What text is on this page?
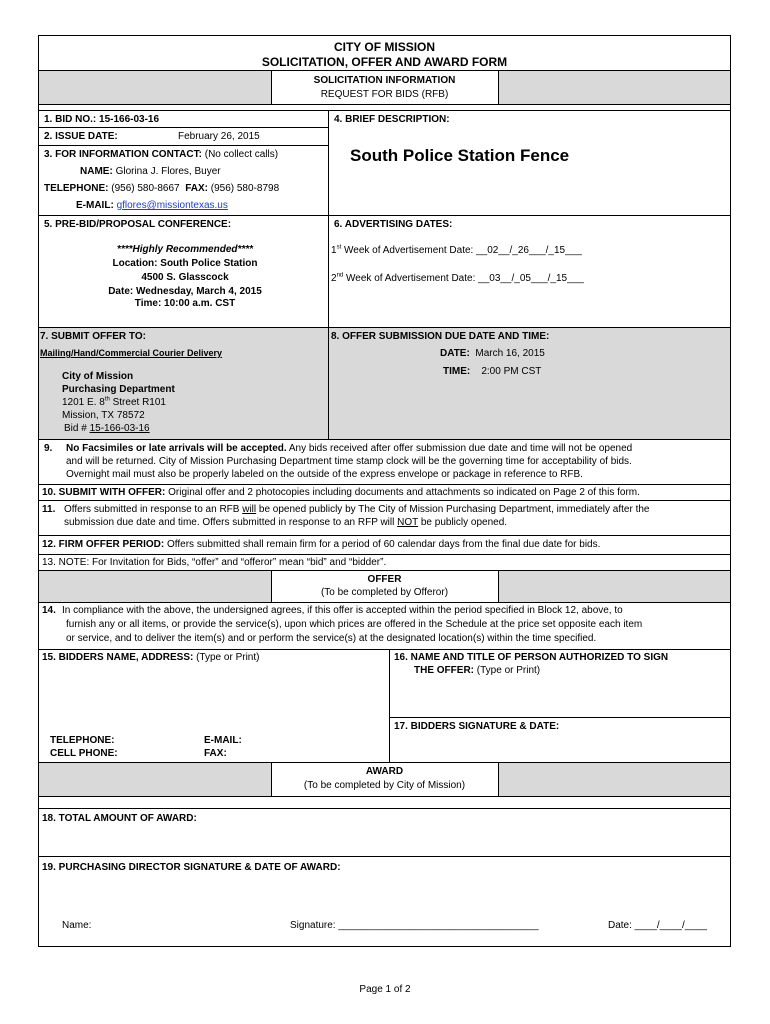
CITY OF MISSION
SOLICITATION, OFFER AND AWARD FORM
SOLICITATION INFORMATION
REQUEST FOR BIDS (RFB)
1. BID NO.: 15-166-03-16
2. ISSUE DATE:	February 26, 2015
3. FOR INFORMATION CONTACT: (No collect calls)
NAME: Glorina J. Flores, Buyer
TELEPHONE: (956) 580-8667 FAX: (956) 580-8798
E-MAIL: gflores@missiontexas.us
4. BRIEF DESCRIPTION:
South Police Station Fence
5. PRE-BID/PROPOSAL CONFERENCE:
****Highly Recommended****
Location: South Police Station
4500 S. Glasscock
Date: Wednesday, March 4, 2015
Time: 10:00 a.m. CST
6. ADVERTISING DATES:
1st Week of Advertisement Date: __02__/_26___/_15___
2nd Week of Advertisement Date: __03__/_05___/_15___
7. SUBMIT OFFER TO:
Mailing/Hand/Commercial Courier Delivery
City of Mission
Purchasing Department
1201 E. 8th Street R101
Mission, TX 78572
Bid # 15-166-03-16
8. OFFER SUBMISSION DUE DATE AND TIME:
DATE: March 16, 2015
TIME: 2:00 PM CST
9. No Facsimiles or late arrivals will be accepted. Any bids received after offer submission due date and time will not be opened
and will be returned. City of Mission Purchasing Department time stamp clock will be the governing time for acceptability of bids.
Overnight mail must also be properly labeled on the outside of the express envelope or package in reference to RFB.
10. SUBMIT WITH OFFER: Original offer and 2 photocopies including documents and attachments so indicated on Page 2 of this form.
11. Offers submitted in response to an RFB will be opened publicly by The City of Mission Purchasing Department, immediately after the
submission due date and time. Offers submitted in response to an RFP will NOT be publicly opened.
12. FIRM OFFER PERIOD: Offers submitted shall remain firm for a period of 60 calendar days from the final due date for bids.
13. NOTE: For Invitation for Bids, “offer” and “offeror” mean “bid” and “bidder”.
OFFER
(To be completed by Offeror)
14. In compliance with the above, the undersigned agrees, if this offer is accepted within the period specified in Block 12, above, to
furnish any or all items, or provide the service(s), upon which prices are offered in the Schedule at the price set opposite each item
or service, and to deliver the item(s) and or perform the service(s) at the designated location(s) within the time specified.
15. BIDDERS NAME, ADDRESS: (Type or Print)
TELEPHONE:
CELL PHONE:
E-MAIL:
FAX:
16. NAME AND TITLE OF PERSON AUTHORIZED TO SIGN
THE OFFER: (Type or Print)
17. BIDDERS SIGNATURE & DATE:
AWARD
(To be completed by City of Mission)
18. TOTAL AMOUNT OF AWARD:
19. PURCHASING DIRECTOR SIGNATURE & DATE OF AWARD:
Name:	Signature: ____________________________________	Date: ____/____/____
Page 1 of 2
